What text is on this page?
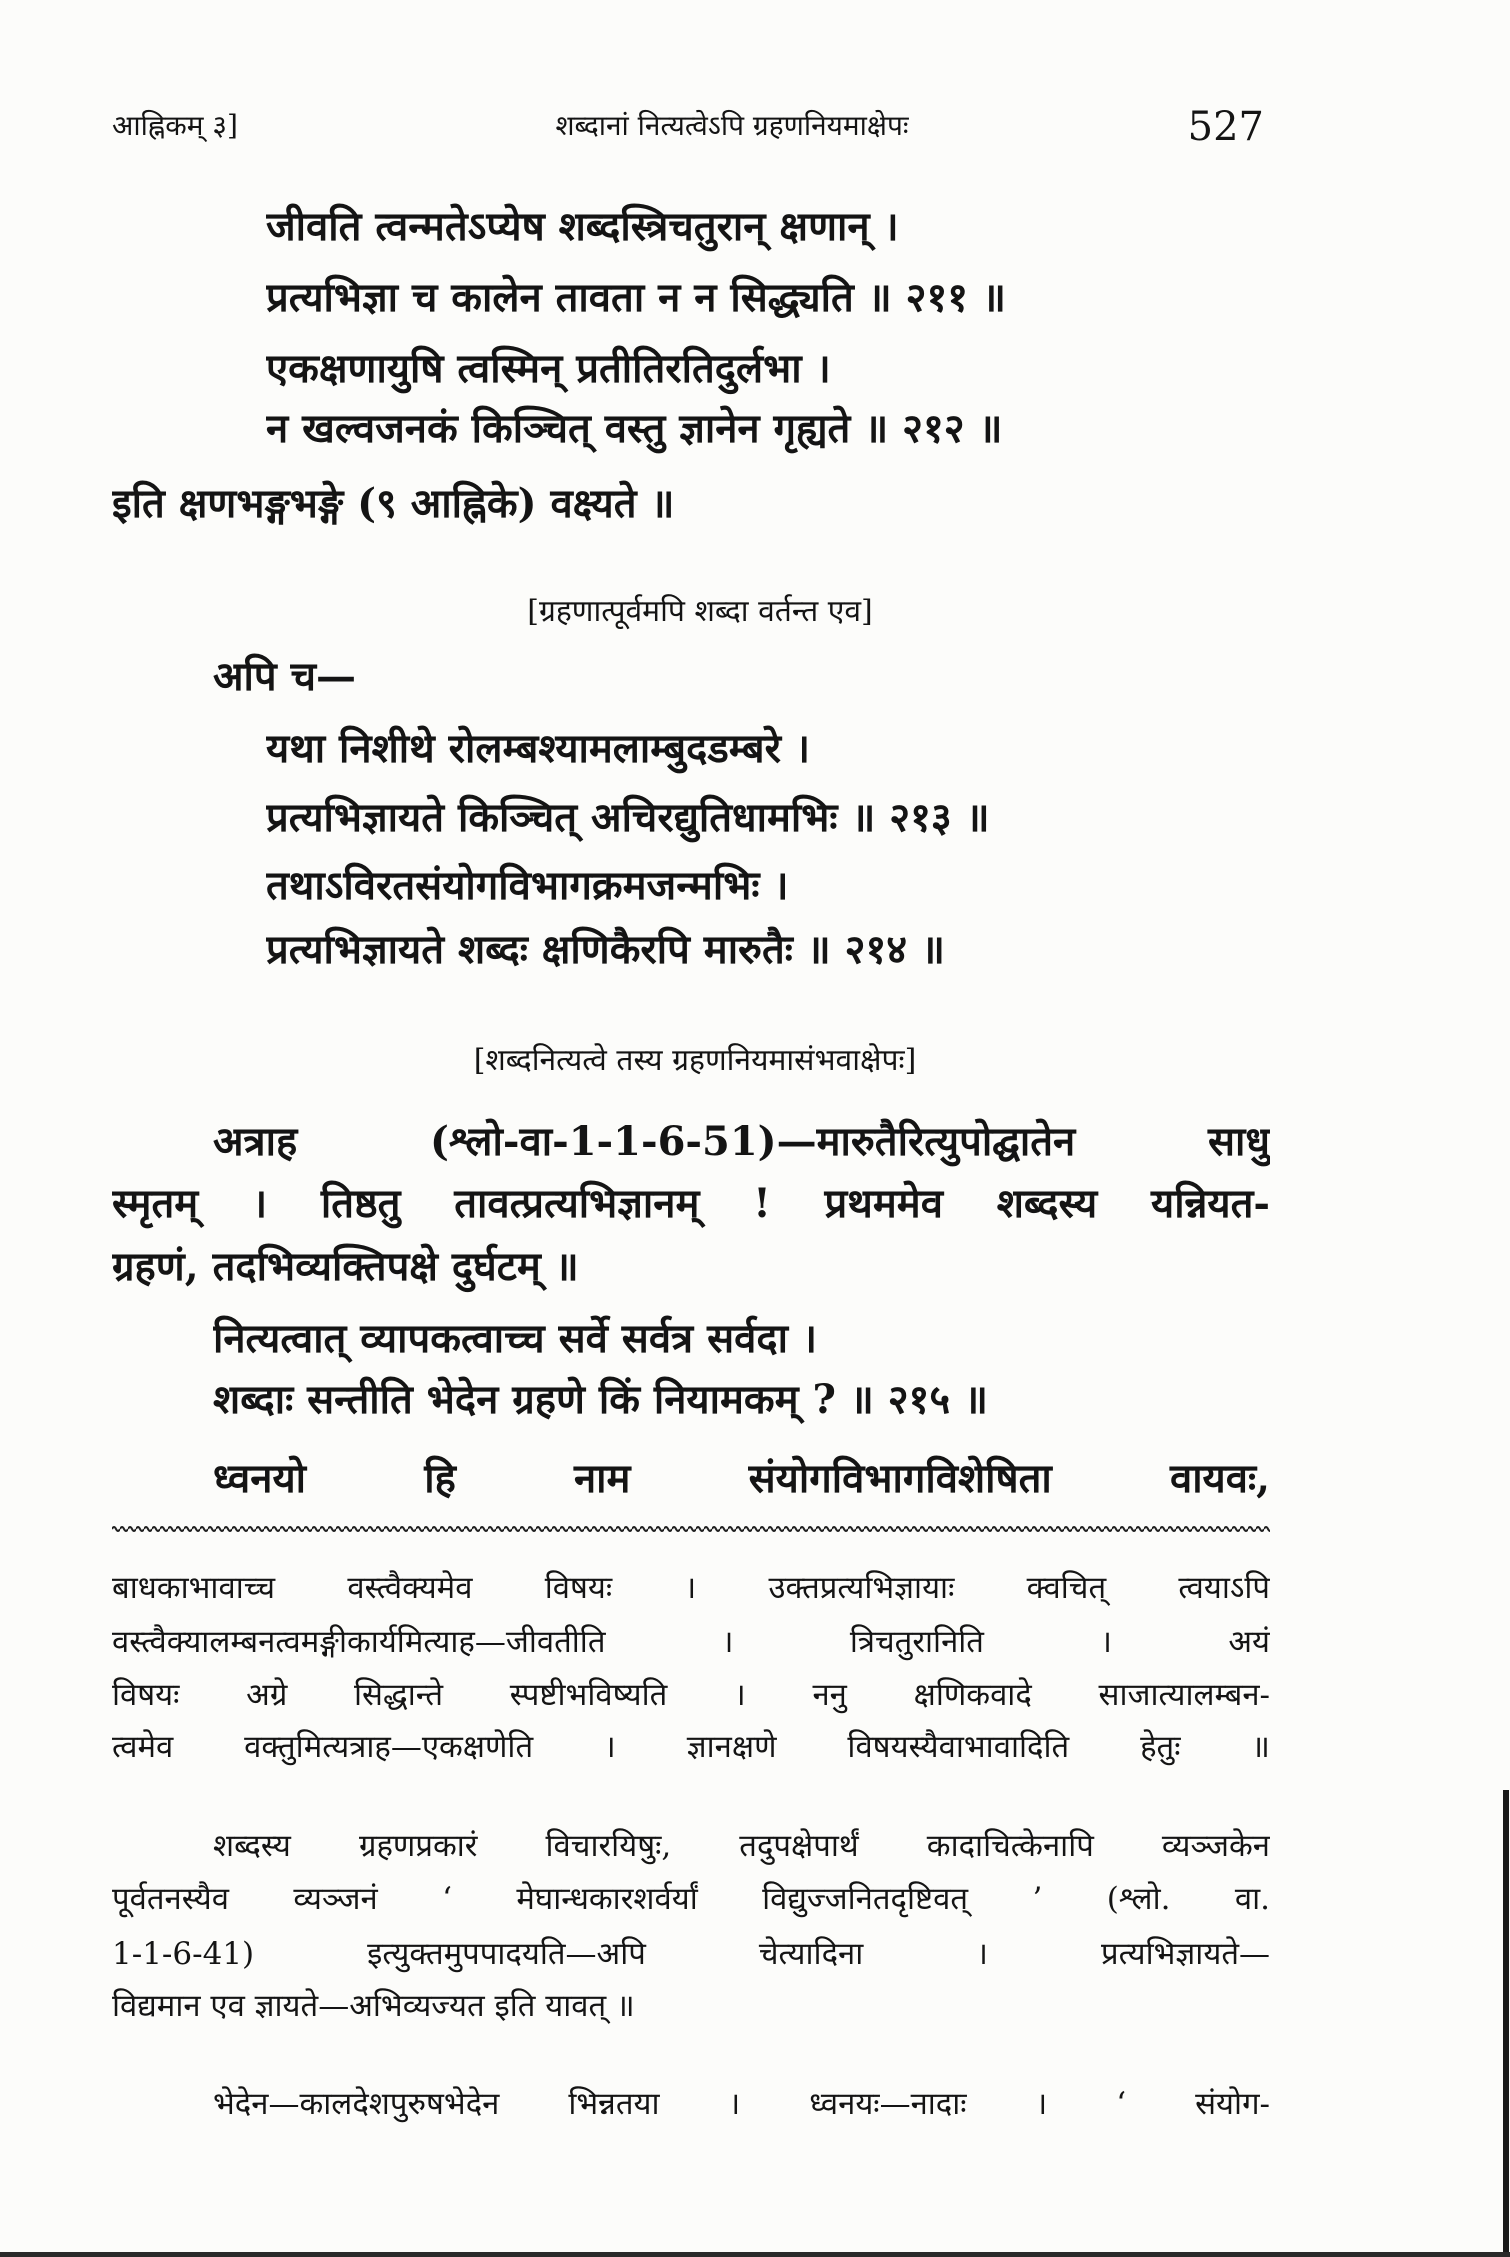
आह्निकम् ३]	शब्दानां नित्यत्वेऽपि ग्रहणनियमाक्षेपः	527
जीवति त्वन्मतेऽप्येष शब्दस्त्रिचतुरान् क्षणान् ।
प्रत्यभिज्ञा च कालेन तावता न न सिद्ध्यति ॥ २११ ॥
एकक्षणायुषि त्वस्मिन् प्रतीतिरतिदुर्लभा ।
न खल्वजनकं किञ्चित् वस्तु ज्ञानेन गृह्यते ॥ २१२ ॥
इति क्षणभङ्गभङ्गे (९ आह्निके) वक्ष्यते ॥
[ग्रहणात्पूर्वमपि शब्दा वर्तन्त एव]
अपि च—
यथा निशीथे रोलम्बश्यामलाम्बुदडम्बरे ।
प्रत्यभिज्ञायते किञ्चित् अचिरद्युतिधामभिः ॥ २१३ ॥
तथाऽविरतसंयोगविभागक्रमजन्मभिः ।
प्रत्यभिज्ञायते शब्दः क्षणिकैरपि मारुतैः ॥ २१४ ॥
[शब्दनित्यत्वे तस्य ग्रहणनियमासंभवाक्षेपः]
अत्राह (श्लो-वा-1-1-6-51)—मारुतैरित्युपोद्घातेन साधु
स्मृतम् । तिष्ठतु तावत्प्रत्यभिज्ञानम् ! प्रथममेव शब्दस्य यन्नियत-
ग्रहणं, तदभिव्यक्तिपक्षे दुर्घटम् ॥
नित्यत्वात् व्यापकत्वाच्च सर्वे सर्वत्र सर्वदा ।
शब्दाः सन्तीति भेदेन ग्रहणे किं नियामकम् ? ॥ २१५ ॥
ध्वनयो हि नाम संयोगविभागविशेषिता वायवः,
बाधकाभावाच्च वस्त्वैक्यमेव विषयः । उक्तप्रत्यभिज्ञायाः क्वचित् त्वयाऽपि
वस्त्वैक्यालम्बनत्वमङ्गीकार्यमित्याह—जीवतीति । त्रिचतुरानिति । अयं
विषयः अग्रे सिद्धान्ते स्पष्टीभविष्यति । ननु क्षणिकवादे साजात्यालम्बन-
त्वमेव वक्तुमित्यत्राह—एकक्षणेति । ज्ञानक्षणे विषयस्यैवाभावादिति हेतुः ॥
शब्दस्य ग्रहणप्रकारं विचारयिषुः, तदुपक्षेपार्थं कादाचित्केनापि व्यञ्जकेन
पूर्वतनस्यैव व्यञ्जनं ‘ मेघान्धकारशर्वर्यां विद्युज्जनितदृष्टिवत् ’ (श्लो. वा.
1-1-6-41) इत्युक्तमुपपादयति—अपि चेत्यादिना । प्रत्यभिज्ञायते—
विद्यमान एव ज्ञायते—अभिव्यज्यत इति यावत् ॥
भेदेन—कालदेशपुरुषभेदेन भिन्नतया । ध्वनयः—नादाः । ‘ संयोग-
